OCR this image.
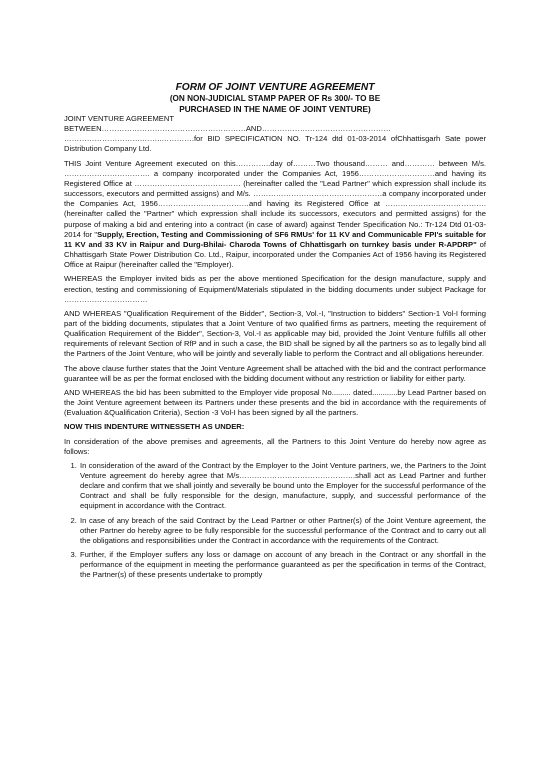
FORM OF JOINT VENTURE AGREEMENT
(ON NON-JUDICIAL STAMP PAPER OF Rs 300/- TO BE
PURCHASED IN THE NAME OF JOINT VENTURE)

JOINT VENTURE AGREEMENT

BETWEEN…………………………………………………AND……………………………………………

………………………….……..………….for BID SPECIFICATION NO. Tr-124 dtd 01-03-2014 ofChhattisgarh Sate power Distribution Company Ltd.

THIS Joint Venture Agreement executed on this…………..day of………Two thousand……… and………… between M/s. ……………………………. a company incorporated under the Companies Act, 1956…………………………and having its Registered Office at …………………………………… (hereinafter called the "Lead Partner" which expression shall include its successors, executors and permitted assigns) and M/s. ……………………………………………a company incorporated under the Companies Act, 1956………………………………and having its Registered Office at …………………………………. (hereinafter called the "Partner" which expression shall include its successors, executors and permitted assigns) for the purpose of making a bid and entering into a contract (in case of award) against Tender Specification No.: Tr-124 Dtd 01-03-2014 for "Supply, Erection, Testing and Commissioning of SF6 RMUs' for 11 KV and Communicable FPI's suitable for 11 KV and 33 KV in Raipur and Durg-Bhilai- Charoda Towns of Chhattisgarh on turnkey basis under R-APDRP" of Chhattisgarh State Power Distribution Co. Ltd., Raipur, incorporated under the Companies Act of 1956 having its Registered Office at Raipur (hereinafter called the "Employer).

WHEREAS the Employer invited bids as per the above mentioned Specification for the design manufacture, supply and erection, testing and commissioning of Equipment/Materials stipulated in the bidding documents under subject Package for ……………………………

AND WHEREAS "Qualification Requirement of the Bidder", Section-3, Vol.-I, "Instruction to bidders" Section-1 Vol-I forming part of the bidding documents, stipulates that a Joint Venture of two qualified firms as partners, meeting the requirement of Qualification Requirement of the Bidder", Section-3, Vol.-I as applicable may bid, provided the Joint Venture fulfills all other requirements of relevant Section of RfP and in such a case, the BID shall be signed by all the partners so as to legally bind all the Partners of the Joint Venture, who will be jointly and severally liable to perform the Contract and all obligations hereunder.

The above clause further states that the Joint Venture Agreement shall be attached with the bid and the contract performance guarantee will be as per the format enclosed with the bidding document without any restriction or liability for either party.

AND WHEREAS the bid has been submitted to the Employer vide proposal No......... dated............by Lead Partner based on the Joint Venture agreement between its Partners under these presents and the bid in accordance with the requirements of (Evaluation &Qualification Criteria), Section -3 Vol-I has been signed by all the partners.

NOW THIS INDENTURE WITNESSETH AS UNDER:

In consideration of the above premises and agreements, all the Partners to this Joint Venture do hereby now agree as follows:

1. In consideration of the award of the Contract by the Employer to the Joint Venture partners, we, the Partners to the Joint Venture agreement do hereby agree that M/s……………………………………….shall act as Lead Partner and further declare and confirm that we shall jointly and severally be bound unto the Employer for the successful performance of the Contract and shall be fully responsible for the design, manufacture, supply, and successful performance of the equipment in accordance with the Contract.
2. In case of any breach of the said Contract by the Lead Partner or other Partner(s) of the Joint Venture agreement, the other Partner do hereby agree to be fully responsible for the successful performance of the Contract and to carry out all the obligations and responsibilities under the Contract in accordance with the requirements of the Contract.
3. Further, if the Employer suffers any loss or damage on account of any breach in the Contract or any shortfall in the performance of the equipment in meeting the performance guaranteed as per the specification in terms of the Contract, the Partner(s) of these presents undertake to promptly
